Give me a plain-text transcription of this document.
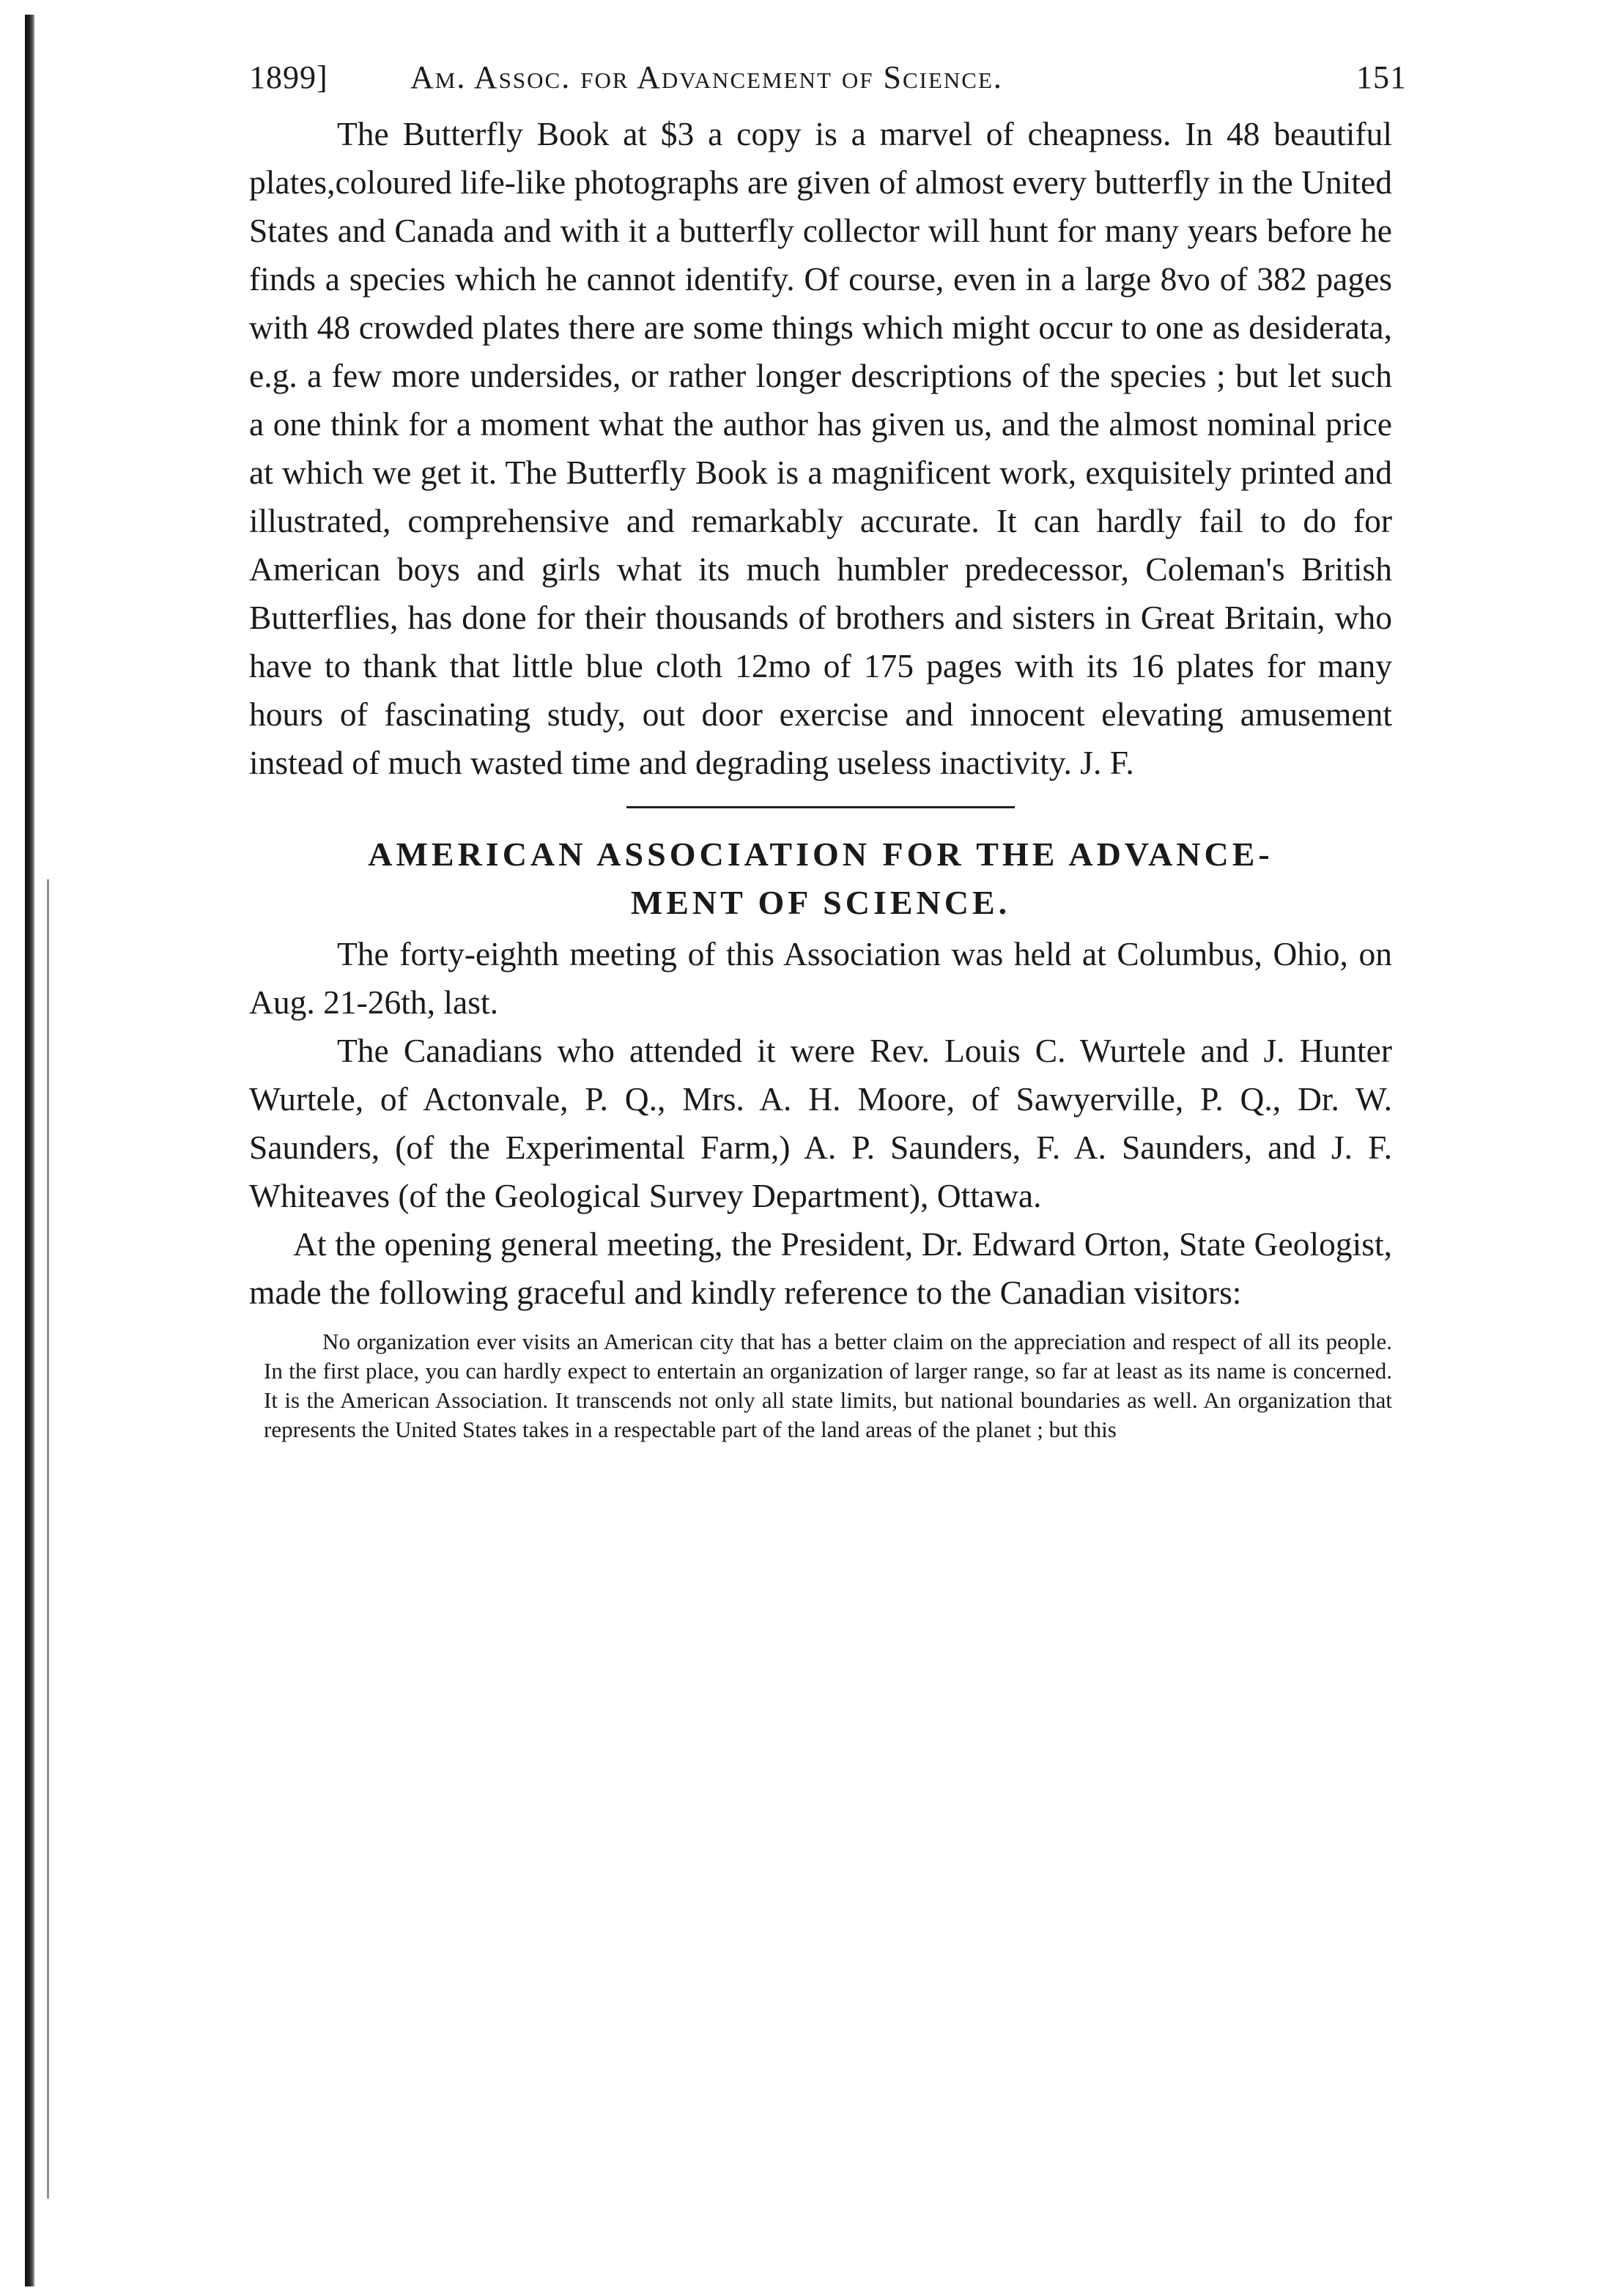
1899]	Am. Assoc. for Advancement of Science.	151

The Butterfly Book at $3 a copy is a marvel of cheapness. In 48 beautiful plates,coloured life-like photographs are given of almost every butterfly in the United States and Canada and with it a butterfly collector will hunt for many years before he finds a species which he cannot identify. Of course, even in a large 8vo of 382 pages with 48 crowded plates there are some things which might occur to one as desiderata, e.g. a few more undersides, or rather longer descriptions of the species ; but let such a one think for a moment what the author has given us, and the almost nominal price at which we get it. The Butterfly Book is a magnificent work, exquisitely printed and illustrated, comprehensive and remarkably accurate. It can hardly fail to do for American boys and girls what its much humbler predecessor, Coleman's British Butterflies, has done for their thousands of brothers and sisters in Great Britain, who have to thank that little blue cloth 12mo of 175 pages with its 16 plates for many hours of fascinating study, out door exercise and innocent elevating amusement instead of much wasted time and degrading useless inactivity. J. F.

AMERICAN ASSOCIATION FOR THE ADVANCE-
MENT OF SCIENCE.

The forty-eighth meeting of this Association was held at Columbus, Ohio, on Aug. 21-26th, last.

The Canadians who attended it were Rev. Louis C. Wurtele and J. Hunter Wurtele, of Actonvale, P. Q., Mrs. A. H. Moore, of Sawyerville, P. Q., Dr. W. Saunders, (of the Experimental Farm,) A. P. Saunders, F. A. Saunders, and J. F. Whiteaves (of the Geological Survey Department), Ottawa.

At the opening general meeting, the President, Dr. Edward Orton, State Geologist, made the following graceful and kindly reference to the Canadian visitors:

No organization ever visits an American city that has a better claim on the appreciation and respect of all its people. In the first place, you can hardly expect to entertain an organization of larger range, so far at least as its name is concerned. It is the American Association. It transcends not only all state limits, but national boundaries as well. An organization that represents the United States takes in a respectable part of the land areas of the planet ; but this
